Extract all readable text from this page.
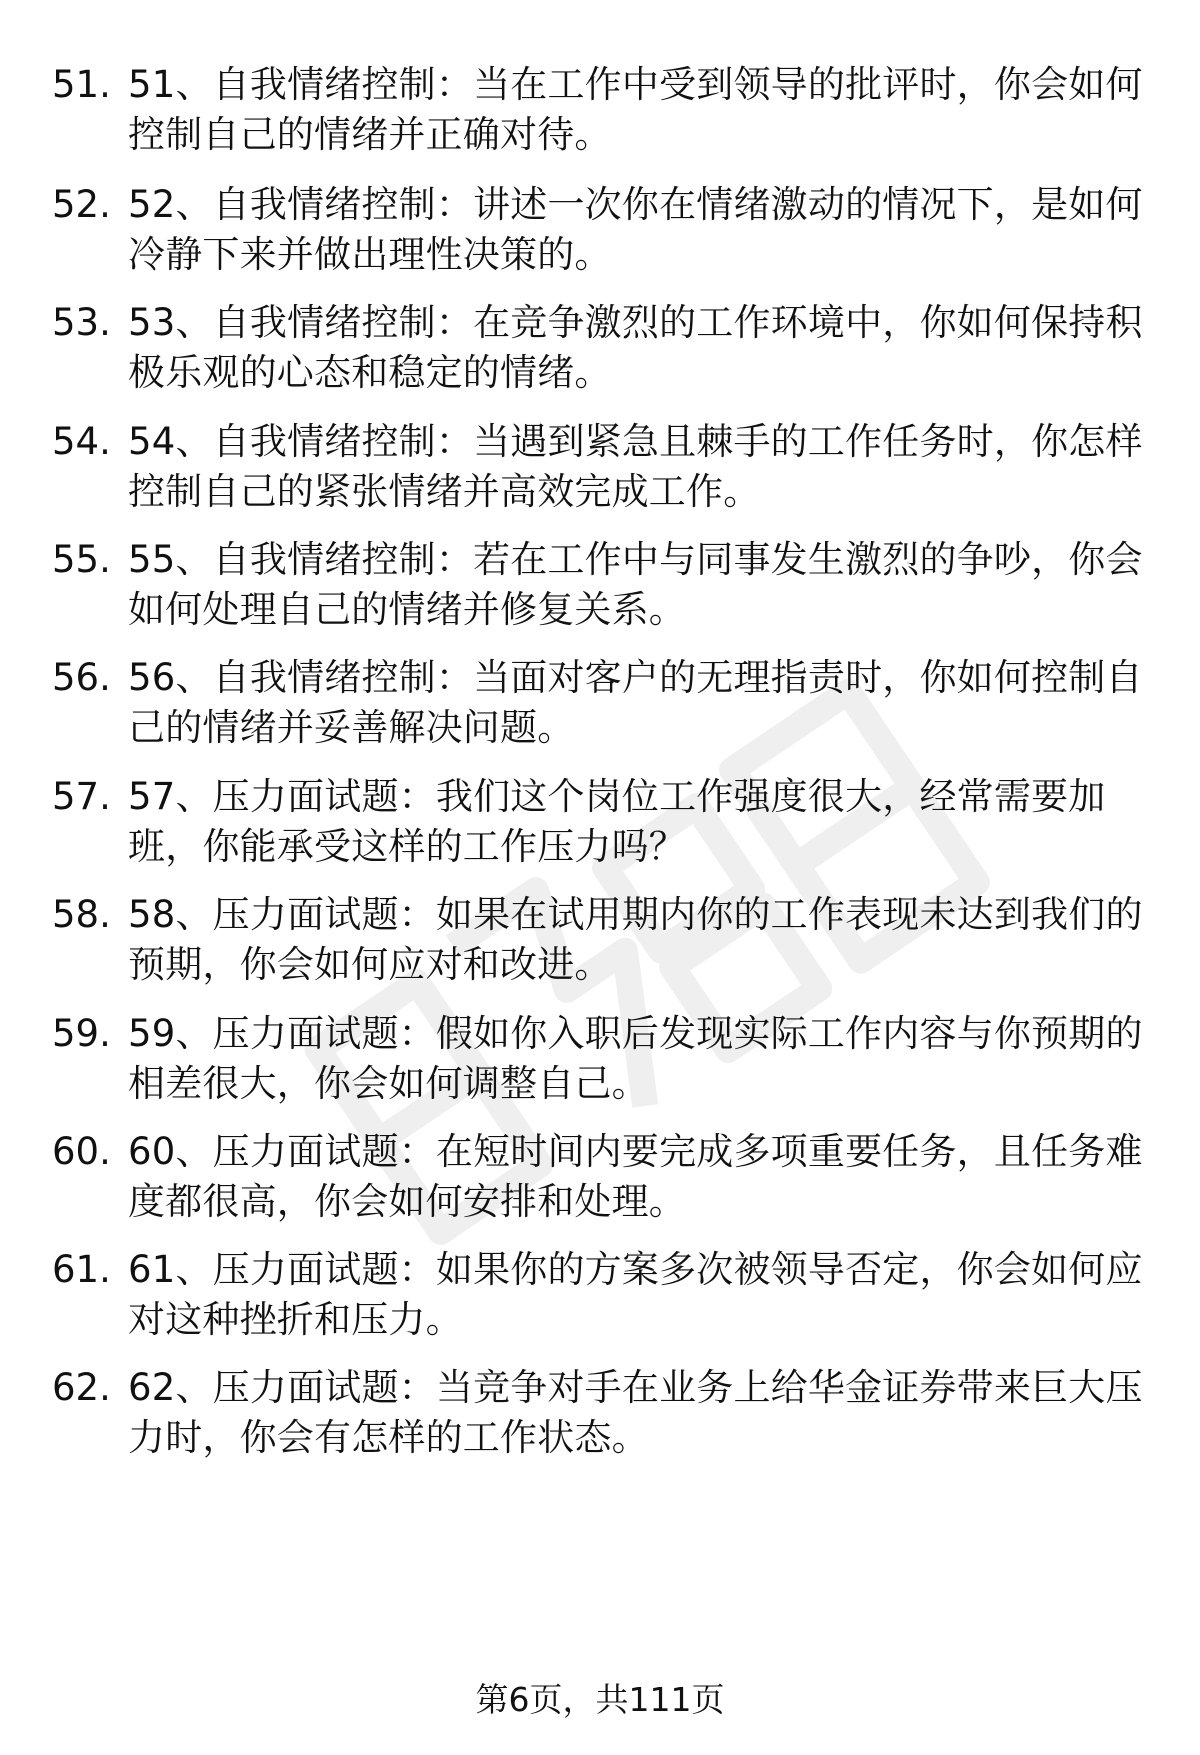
51. 51、自我情绪控制：当在工作中受到领导的批评时，你会如何控制自己的情绪并正确对待。
52. 52、自我情绪控制：讲述一次你在情绪激动的情况下，是如何冷静下来并做出理性决策的。
53. 53、自我情绪控制：在竞争激烈的工作环境中，你如何保持积极乐观的心态和稳定的情绪。
54. 54、自我情绪控制：当遇到紧急且棘手的工作任务时，你怎样控制自己的紧张情绪并高效完成工作。
55. 55、自我情绪控制：若在工作中与同事发生激烈的争吵，你会如何处理自己的情绪并修复关系。
56. 56、自我情绪控制：当面对客户的无理指责时，你如何控制自己的情绪并妥善解决问题。
57. 57、压力面试题：我们这个岗位工作强度很大，经常需要加班，你能承受这样的工作压力吗？
58. 58、压力面试题：如果在试用期内你的工作表现未达到我们的预期，你会如何应对和改进。
59. 59、压力面试题：假如你入职后发现实际工作内容与你预期的相差很大，你会如何调整自己。
60. 60、压力面试题：在短时间内要完成多项重要任务，且任务难度都很高，你会如何安排和处理。
61. 61、压力面试题：如果你的方案多次被领导否定，你会如何应对这种挫折和压力。
62. 62、压力面试题：当竞争对手在业务上给华金证券带来巨大压力时，你会有怎样的工作状态。
第6页，共111页
